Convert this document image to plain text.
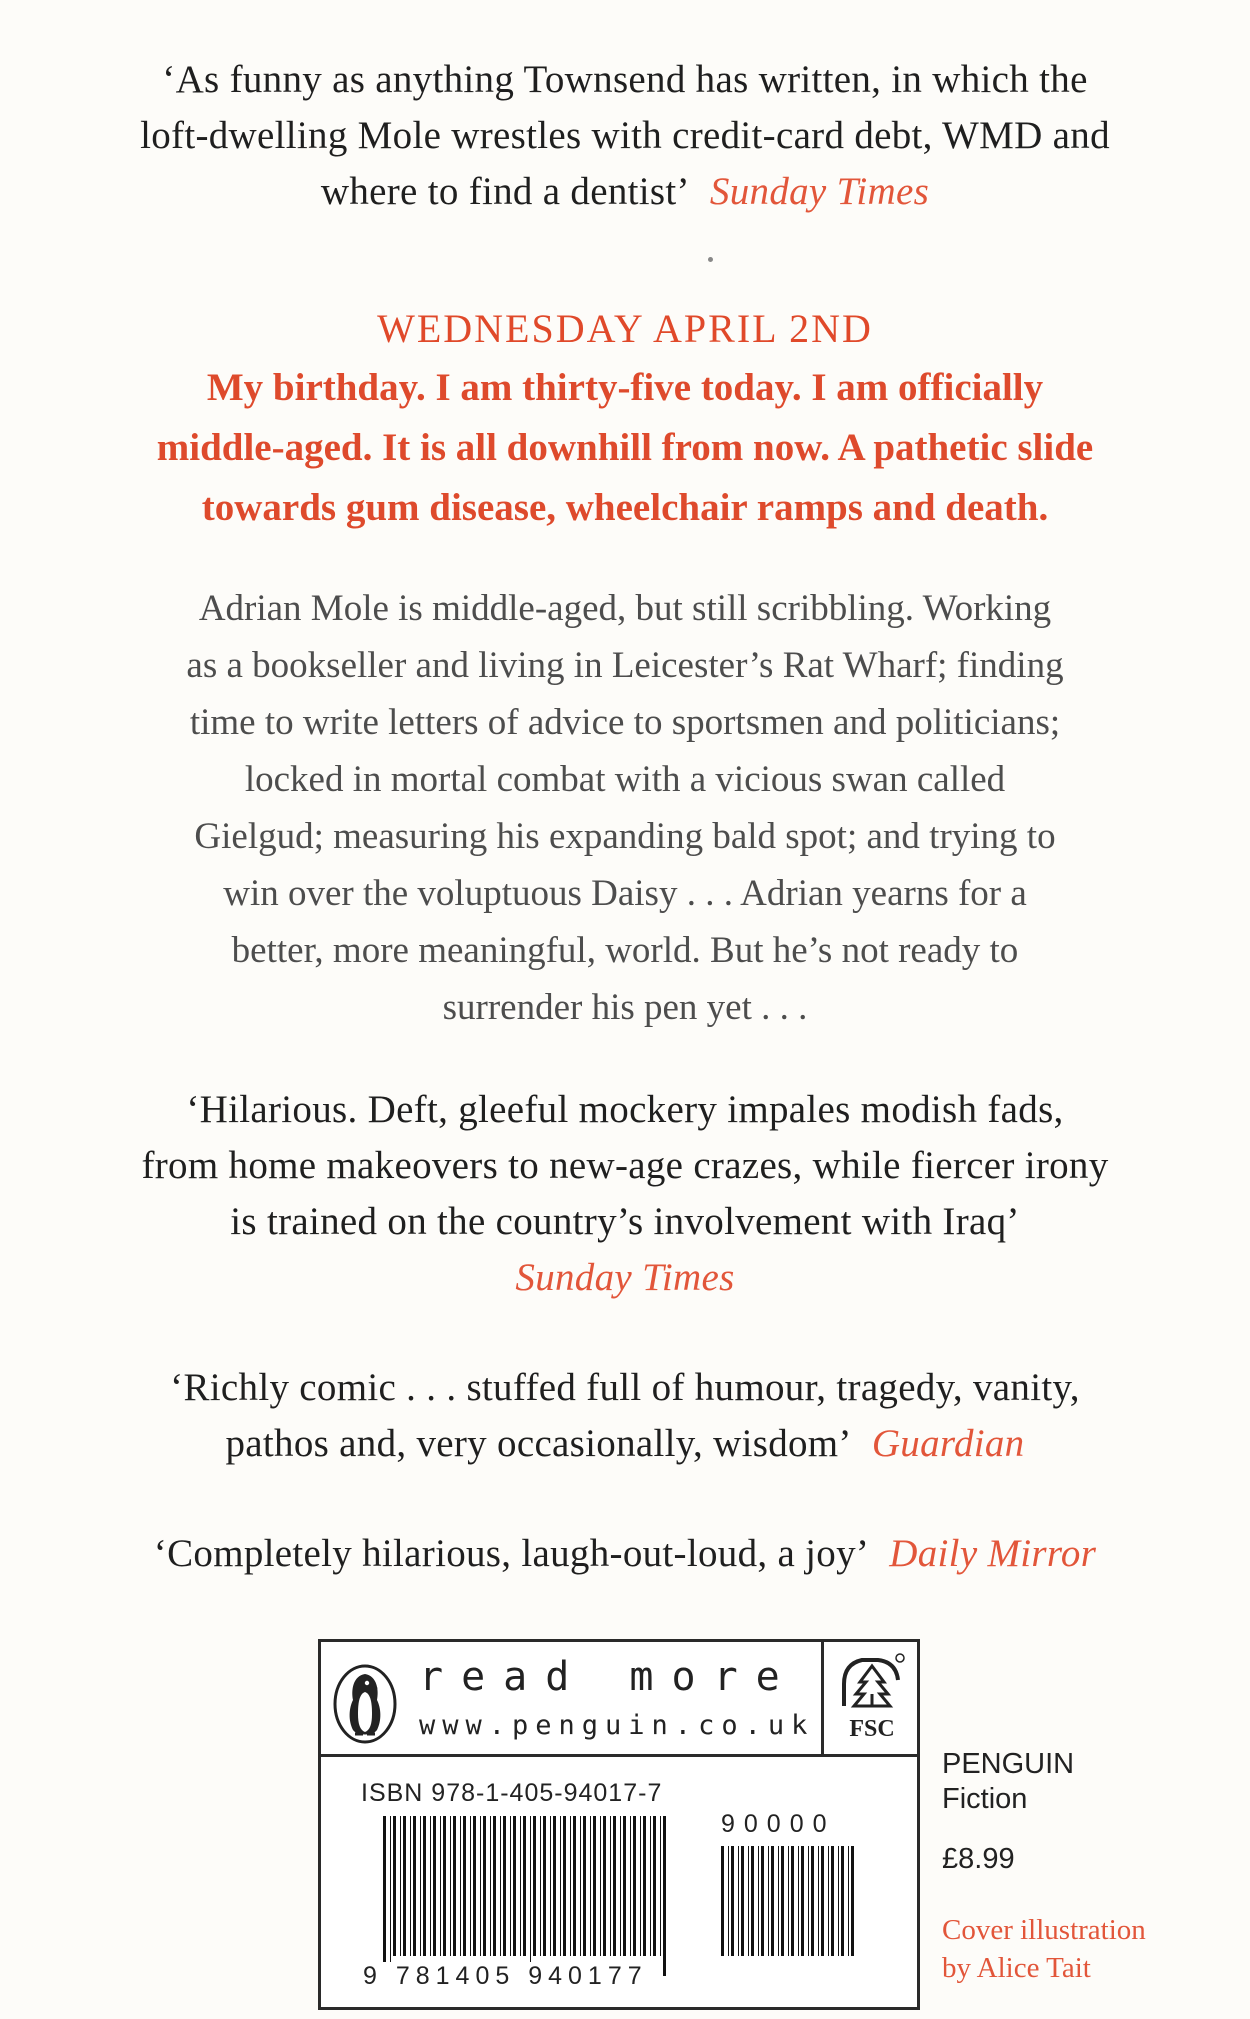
‘As funny as anything Townsend has written, in which the
loft-dwelling Mole wrestles with credit-card debt, WMD and
where to find a dentist’ Sunday Times
WEDNESDAY APRIL 2ND
My birthday. I am thirty-five today. I am officially
middle-aged. It is all downhill from now. A pathetic slide
towards gum disease, wheelchair ramps and death.
Adrian Mole is middle-aged, but still scribbling. Working
as a bookseller and living in Leicester’s Rat Wharf; finding
time to write letters of advice to sportsmen and politicians;
locked in mortal combat with a vicious swan called
Gielgud; measuring his expanding bald spot; and trying to
win over the voluptuous Daisy . . . Adrian yearns for a
better, more meaningful, world. But he’s not ready to
surrender his pen yet . . .
‘Hilarious. Deft, gleeful mockery impales modish fads,
from home makeovers to new-age crazes, while fiercer irony
is trained on the country’s involvement with Iraq’
Sunday Times
‘Richly comic . . . stuffed full of humour, tragedy, vanity,
pathos and, very occasionally, wisdom’ Guardian
‘Completely hilarious, laugh-out-loud, a joy’ Daily Mirror
read more
www.penguin.co.uk	FSC
ISBN 978-1-405-94017-7
90000
9 781405 940177
PENGUIN
Fiction
£8.99
Cover illustration
by Alice Tait
